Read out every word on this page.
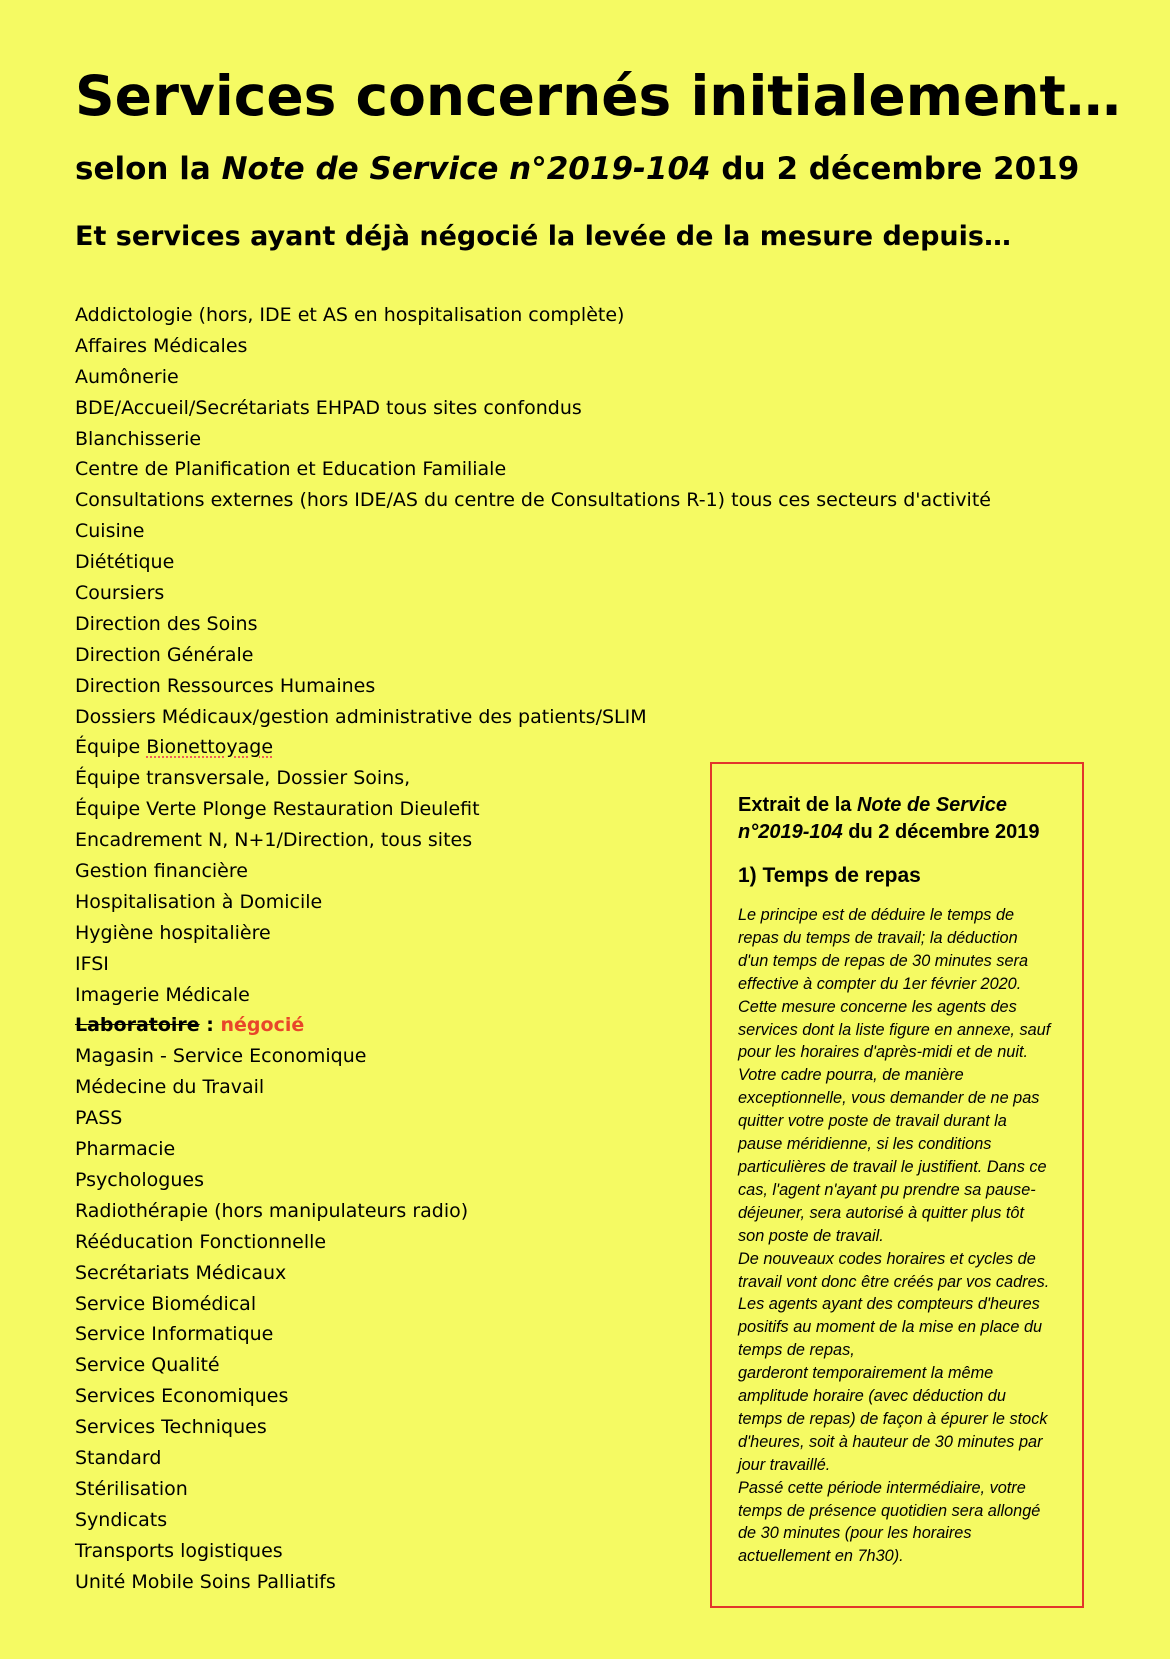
Services concernés initialement…
selon la Note de Service n°2019-104 du 2 décembre 2019
Et services ayant déjà négocié la levée de la mesure depuis…
Addictologie (hors, IDE et AS en hospitalisation complète)
Affaires Médicales
Aumônerie
BDE/Accueil/Secrétariats EHPAD tous sites confondus
Blanchisserie
Centre de Planification et Education Familiale
Consultations externes (hors IDE/AS du centre de Consultations R-1) tous ces secteurs d'activité
Cuisine
Diététique
Coursiers
Direction des Soins
Direction Générale
Direction Ressources Humaines
Dossiers Médicaux/gestion administrative des patients/SLIM
Équipe Bionettoyage
Équipe transversale, Dossier Soins,
Équipe Verte Plonge Restauration Dieulefit
Encadrement N, N+1/Direction, tous sites
Gestion financière
Hospitalisation à Domicile
Hygiène hospitalière
IFSI
Imagerie Médicale
Laboratoire : négocié
Magasin - Service Economique
Médecine du Travail
PASS
Pharmacie
Psychologues
Radiothérapie (hors manipulateurs radio)
Rééducation Fonctionnelle
Secrétariats Médicaux
Service Biomédical
Service Informatique
Service Qualité
Services Economiques
Services Techniques
Standard
Stérilisation
Syndicats
Transports logistiques
Unité Mobile Soins Palliatifs

Extrait de la Note de Service n°2019-104 du 2 décembre 2019

1) Temps de repas

Le principe est de déduire le temps de
repas du temps de travail; la déduction
d'un temps de repas de 30 minutes sera
effective à compter du 1er février 2020.
Cette mesure concerne les agents des
services dont la liste figure en annexe, sauf
pour les horaires d'après-midi et de nuit.
Votre cadre pourra, de manière
exceptionnelle, vous demander de ne pas
quitter votre poste de travail durant la
pause méridienne, si les conditions
particulières de travail le justifient. Dans ce
cas, l'agent n'ayant pu prendre sa pause-
déjeuner, sera autorisé à quitter plus tôt
son poste de travail.
De nouveaux codes horaires et cycles de
travail vont donc être créés par vos cadres.
Les agents ayant des compteurs d'heures
positifs au moment de la mise en place du
temps de repas,
garderont temporairement la même
amplitude horaire (avec déduction du
temps de repas) de façon à épurer le stock
d'heures, soit à hauteur de 30 minutes par
jour travaillé.
Passé cette période intermédiaire, votre
temps de présence quotidien sera allongé
de 30 minutes (pour les horaires
actuellement en 7h30).
